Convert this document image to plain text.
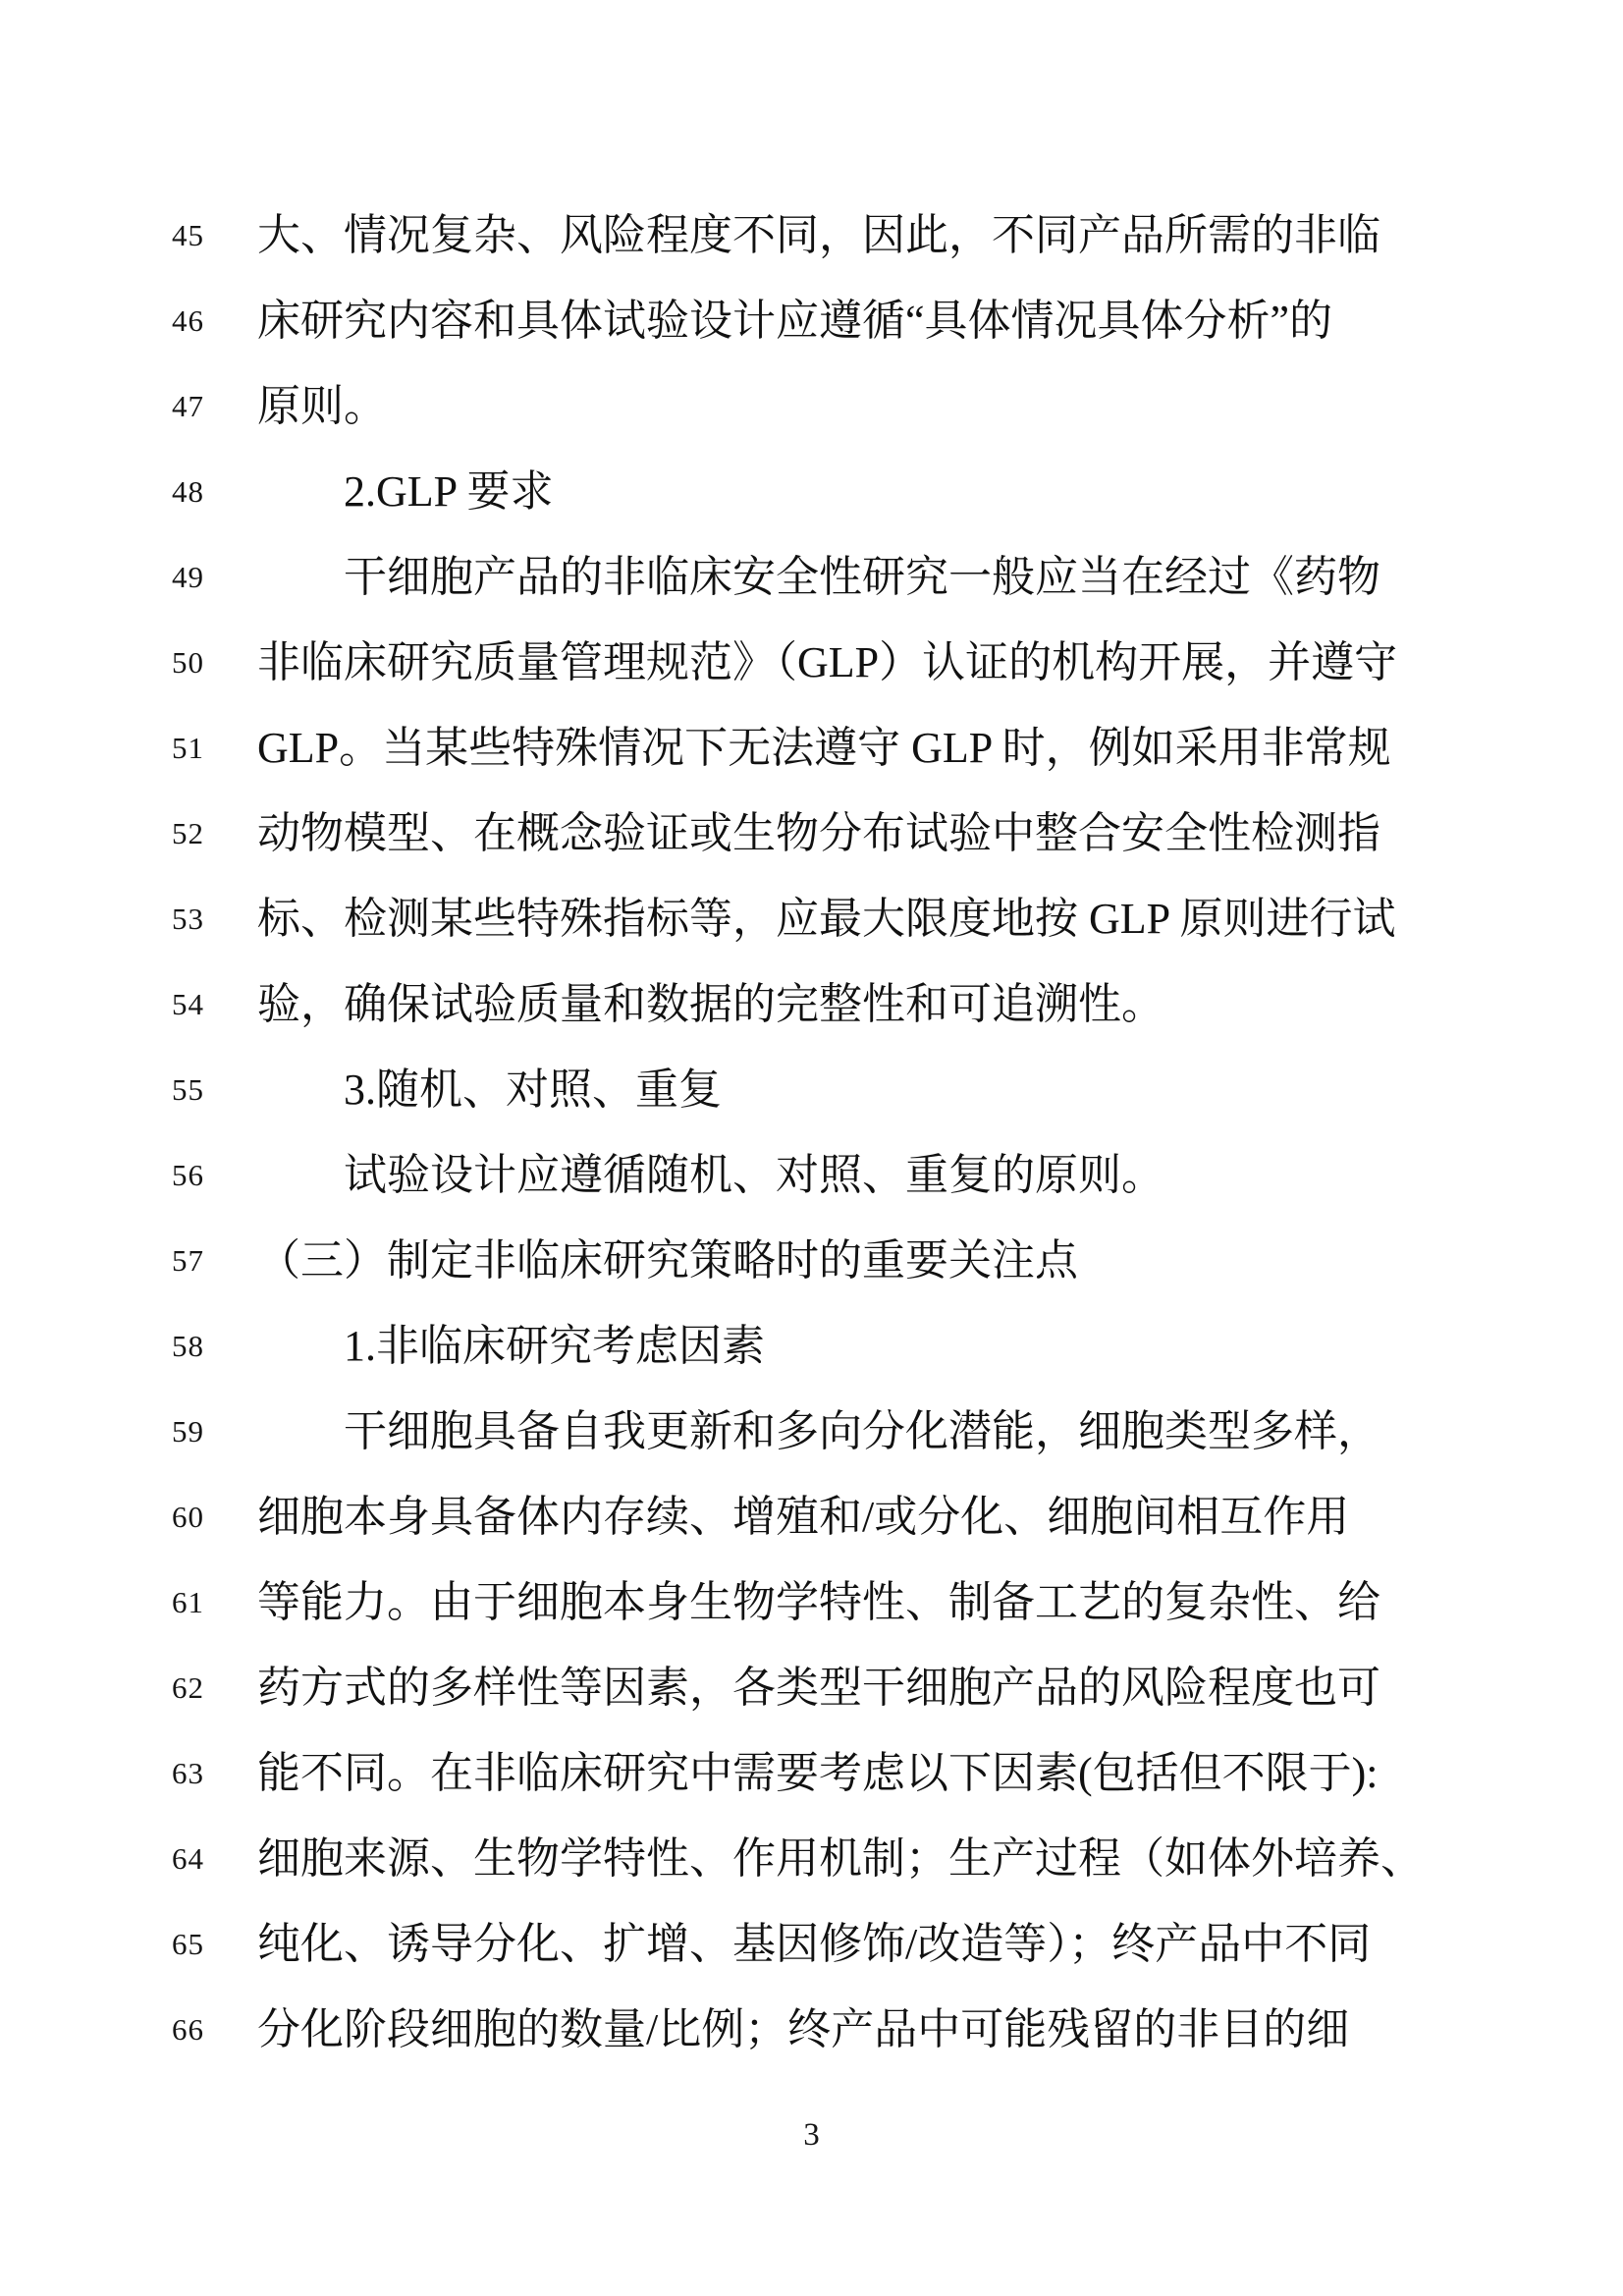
45	大、情况复杂、风险程度不同，因此，不同产品所需的非临
46	床研究内容和具体试验设计应遵循“具体情况具体分析”的
47	原则。
48	2.GLP 要求
49	干细胞产品的非临床安全性研究一般应当在经过《药物
50	非临床研究质量管理规范》（GLP）认证的机构开展，并遵守
51	GLP。当某些特殊情况下无法遵守 GLP 时，例如采用非常规
52	动物模型、在概念验证或生物分布试验中整合安全性检测指
53	标、检测某些特殊指标等，应最大限度地按 GLP 原则进行试
54	验，确保试验质量和数据的完整性和可追溯性。
55	3.随机、对照、重复
56	试验设计应遵循随机、对照、重复的原则。
57	（三）制定非临床研究策略时的重要关注点
58	1.非临床研究考虑因素
59	干细胞具备自我更新和多向分化潜能，细胞类型多样，
60	细胞本身具备体内存续、增殖和/或分化、细胞间相互作用
61	等能力。由于细胞本身生物学特性、制备工艺的复杂性、给
62	药方式的多样性等因素，各类型干细胞产品的风险程度也可
63	能不同。在非临床研究中需要考虑以下因素(包括但不限于):
64	细胞来源、生物学特性、作用机制；生产过程（如体外培养、
65	纯化、诱导分化、扩增、基因修饰/改造等）；终产品中不同
66	分化阶段细胞的数量/比例；终产品中可能残留的非目的细
3
